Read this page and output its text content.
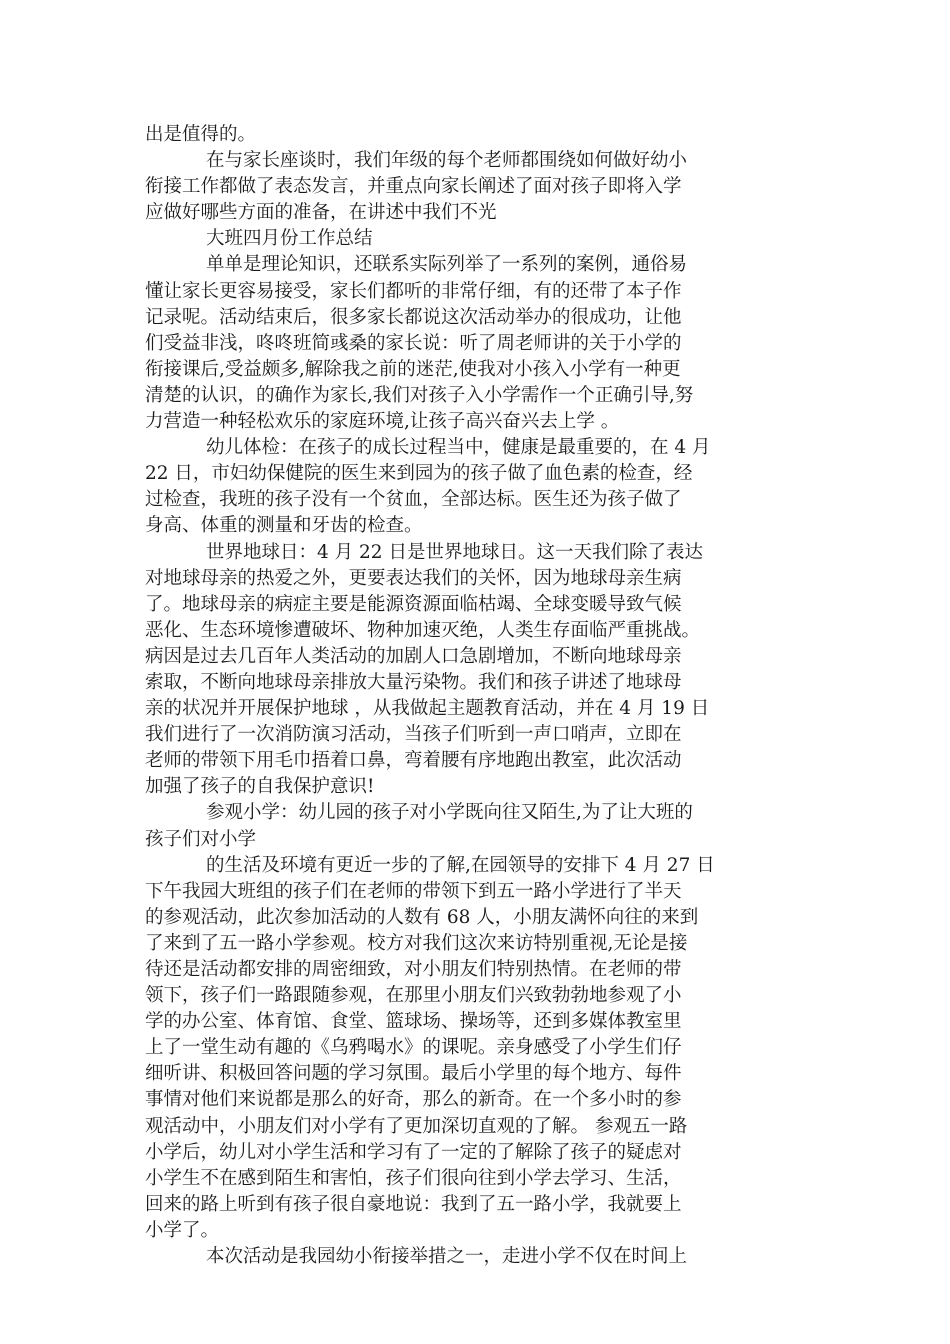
出是值得的。
在与家长座谈时，我们年级的每个老师都围绕如何做好幼小
衔接工作都做了表态发言，并重点向家长阐述了面对孩子即将入学
应做好哪些方面的准备，在讲述中我们不光
大班四月份工作总结
单单是理论知识，还联系实际列举了一系列的案例，通俗易
懂让家长更容易接受，家长们都听的非常仔细，有的还带了本子作
记录呢。活动结束后，很多家长都说这次活动举办的很成功，让他
们受益非浅，咚咚班简彧桑的家长说：听了周老师讲的关于小学的
衔接课后,受益颇多,解除我之前的迷茫,使我对小孩入小学有一种更
清楚的认识，的确作为家长,我们对孩子入小学需作一个正确引导,努
力营造一种轻松欢乐的家庭环境,让孩子高兴奋兴去上学 。
幼儿体检：在孩子的成长过程当中，健康是最重要的，在 4 月
22 日，市妇幼保健院的医生来到园为的孩子做了血色素的检查，经
过检查，我班的孩子没有一个贫血，全部达标。医生还为孩子做了
身高、体重的测量和牙齿的检查。
世界地球日：4 月 22 日是世界地球日。这一天我们除了表达
对地球母亲的热爱之外，更要表达我们的关怀，因为地球母亲生病
了。地球母亲的病症主要是能源资源面临枯竭、全球变暖导致气候
恶化、生态环境惨遭破坏、物种加速灭绝，人类生存面临严重挑战。
病因是过去几百年人类活动的加剧人口急剧增加，不断向地球母亲
索取，不断向地球母亲排放大量污染物。我们和孩子讲述了地球母
亲的状况并开展保护地球 ，从我做起主题教育活动，并在 4 月 19 日
我们进行了一次消防演习活动，当孩子们听到一声口哨声，立即在
老师的带领下用毛巾捂着口鼻，弯着腰有序地跑出教室，此次活动
加强了孩子的自我保护意识!
参观小学：幼儿园的孩子对小学既向往又陌生,为了让大班的
孩子们对小学
的生活及环境有更近一步的了解,在园领导的安排下 4 月 27 日
下午我园大班组的孩子们在老师的带领下到五一路小学进行了半天
的参观活动，此次参加活动的人数有 68 人，小朋友满怀向往的来到
了来到了五一路小学参观。校方对我们这次来访特别重视,无论是接
待还是活动都安排的周密细致，对小朋友们特别热情。在老师的带
领下，孩子们一路跟随参观，在那里小朋友们兴致勃勃地参观了小
学的办公室、体育馆、食堂、篮球场、操场等，还到多媒体教室里
上了一堂生动有趣的《乌鸦喝水》的课呢。亲身感受了小学生们仔
细听讲、积极回答问题的学习氛围。最后小学里的每个地方、每件
事情对他们来说都是那么的好奇，那么的新奇。在一个多小时的参
观活动中，小朋友们对小学有了更加深切直观的了解。 参观五一路
小学后，幼儿对小学生活和学习有了一定的了解除了孩子的疑虑对
小学生不在感到陌生和害怕，孩子们很向往到小学去学习、生活，
回来的路上听到有孩子很自豪地说：我到了五一路小学，我就要上
小学了。
本次活动是我园幼小衔接举措之一，走进小学不仅在时间上
